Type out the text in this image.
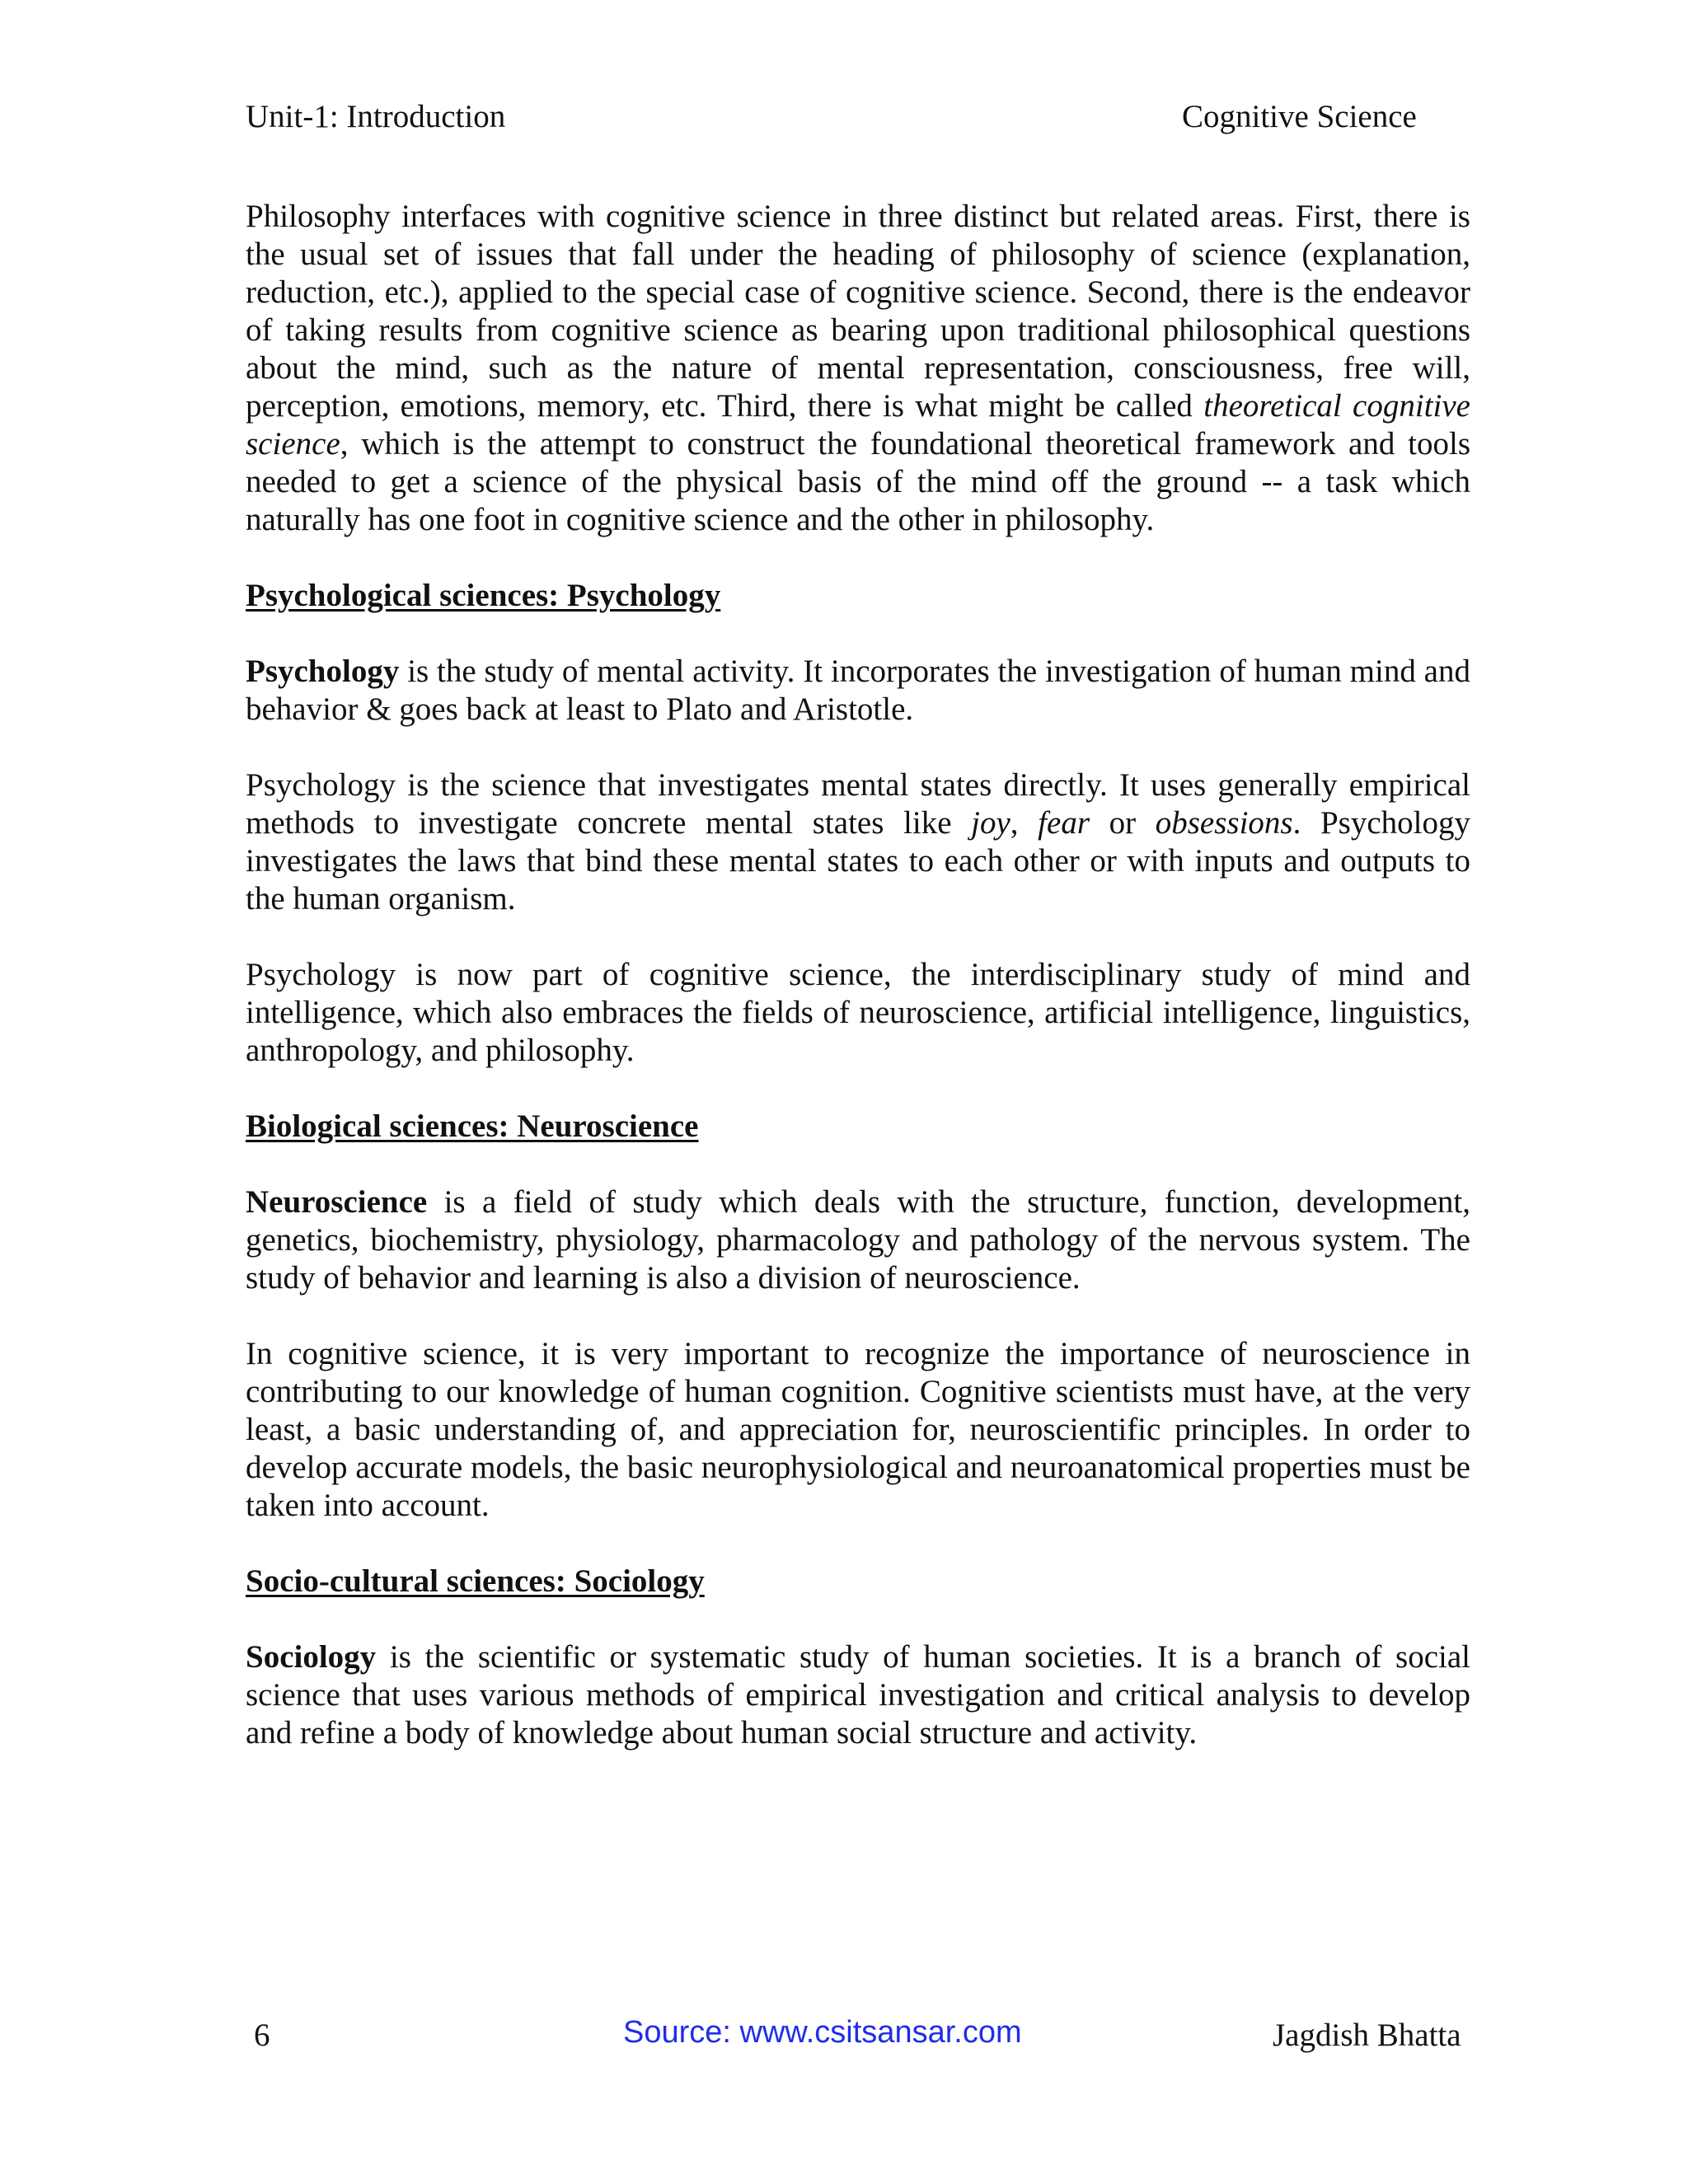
Unit-1: Introduction	Cognitive Science

Philosophy interfaces with cognitive science in three distinct but related areas. First, there is the usual set of issues that fall under the heading of philosophy of science (explanation, reduction, etc.), applied to the special case of cognitive science. Second, there is the endeavor of taking results from cognitive science as bearing upon traditional philosophical questions about the mind, such as the nature of mental representation, consciousness, free will, perception, emotions, memory, etc. Third, there is what might be called theoretical cognitive science, which is the attempt to construct the foundational theoretical framework and tools needed to get a science of the physical basis of the mind off the ground -- a task which naturally has one foot in cognitive science and the other in philosophy.

Psychological sciences: Psychology

Psychology is the study of mental activity. It incorporates the investigation of human mind and behavior & goes back at least to Plato and Aristotle.

Psychology is the science that investigates mental states directly. It uses generally empirical methods to investigate concrete mental states like joy, fear or obsessions. Psychology investigates the laws that bind these mental states to each other or with inputs and outputs to the human organism.

Psychology is now part of cognitive science, the interdisciplinary study of mind and intelligence, which also embraces the fields of neuroscience, artificial intelligence, linguistics, anthropology, and philosophy.

Biological sciences: Neuroscience

Neuroscience is a field of study which deals with the structure, function, development, genetics, biochemistry, physiology, pharmacology and pathology of the nervous system. The study of behavior and learning is also a division of neuroscience.

In cognitive science, it is very important to recognize the importance of neuroscience in contributing to our knowledge of human cognition. Cognitive scientists must have, at the very least, a basic understanding of, and appreciation for, neuroscientific principles. In order to develop accurate models, the basic neurophysiological and neuroanatomical properties must be taken into account.

Socio-cultural sciences: Sociology

Sociology is the scientific or systematic study of human societies. It is a branch of social science that uses various methods of empirical investigation and critical analysis to develop and refine a body of knowledge about human social structure and activity.

6	Source: www.csitsansar.com	Jagdish Bhatta
